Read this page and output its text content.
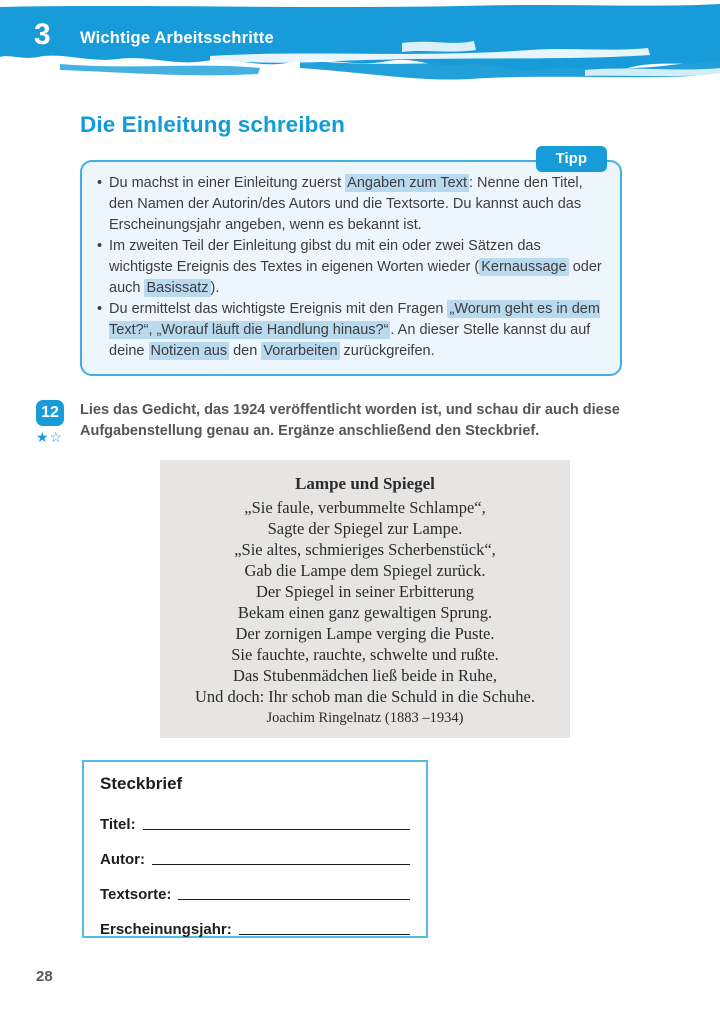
3 Wichtige Arbeitsschritte
Die Einleitung schreiben
Tipp
• Du machst in einer Einleitung zuerst Angaben zum Text : Nenne den Titel, den Namen der Autorin/des Autors und die Textsorte. Du kannst auch das Erscheinungsjahr angeben, wenn es bekannt ist.
• Im zweiten Teil der Einleitung gibst du mit ein oder zwei Sätzen das wichtigste Ereignis des Textes in eigenen Worten wieder ( Kernaussage oder auch Basissatz ).
• Du ermittelst das wichtigste Ereignis mit den Fragen „Worum geht es in dem Text?“, „Worauf läuft die Handlung hinaus?“ . An dieser Stelle kannst du auf deine Notizen aus den Vorarbeiten zurückgreifen.
12
★☆

Lies das Gedicht, das 1924 veröffentlicht worden ist, und schau dir auch diese Aufgabenstellung genau an. Ergänze anschließend den Steckbrief.

Lampe und Spiegel
„Sie faule, verbummelte Schlampe“,
Sagte der Spiegel zur Lampe.
„Sie altes, schmieriges Scherbenstück“,
Gab die Lampe dem Spiegel zurück.
Der Spiegel in seiner Erbitterung
Bekam einen ganz gewaltigen Sprung.
Der zornigen Lampe verging die Puste.
Sie fauchte, rauchte, schwelte und rußte.
Das Stubenmädchen ließ beide in Ruhe,
Und doch: Ihr schob man die Schuld in die Schuhe.
Joachim Ringelnatz (1883 –1934)
Steckbrief
Titel:
Autor:
Textsorte:
Erscheinungsjahr:
28
